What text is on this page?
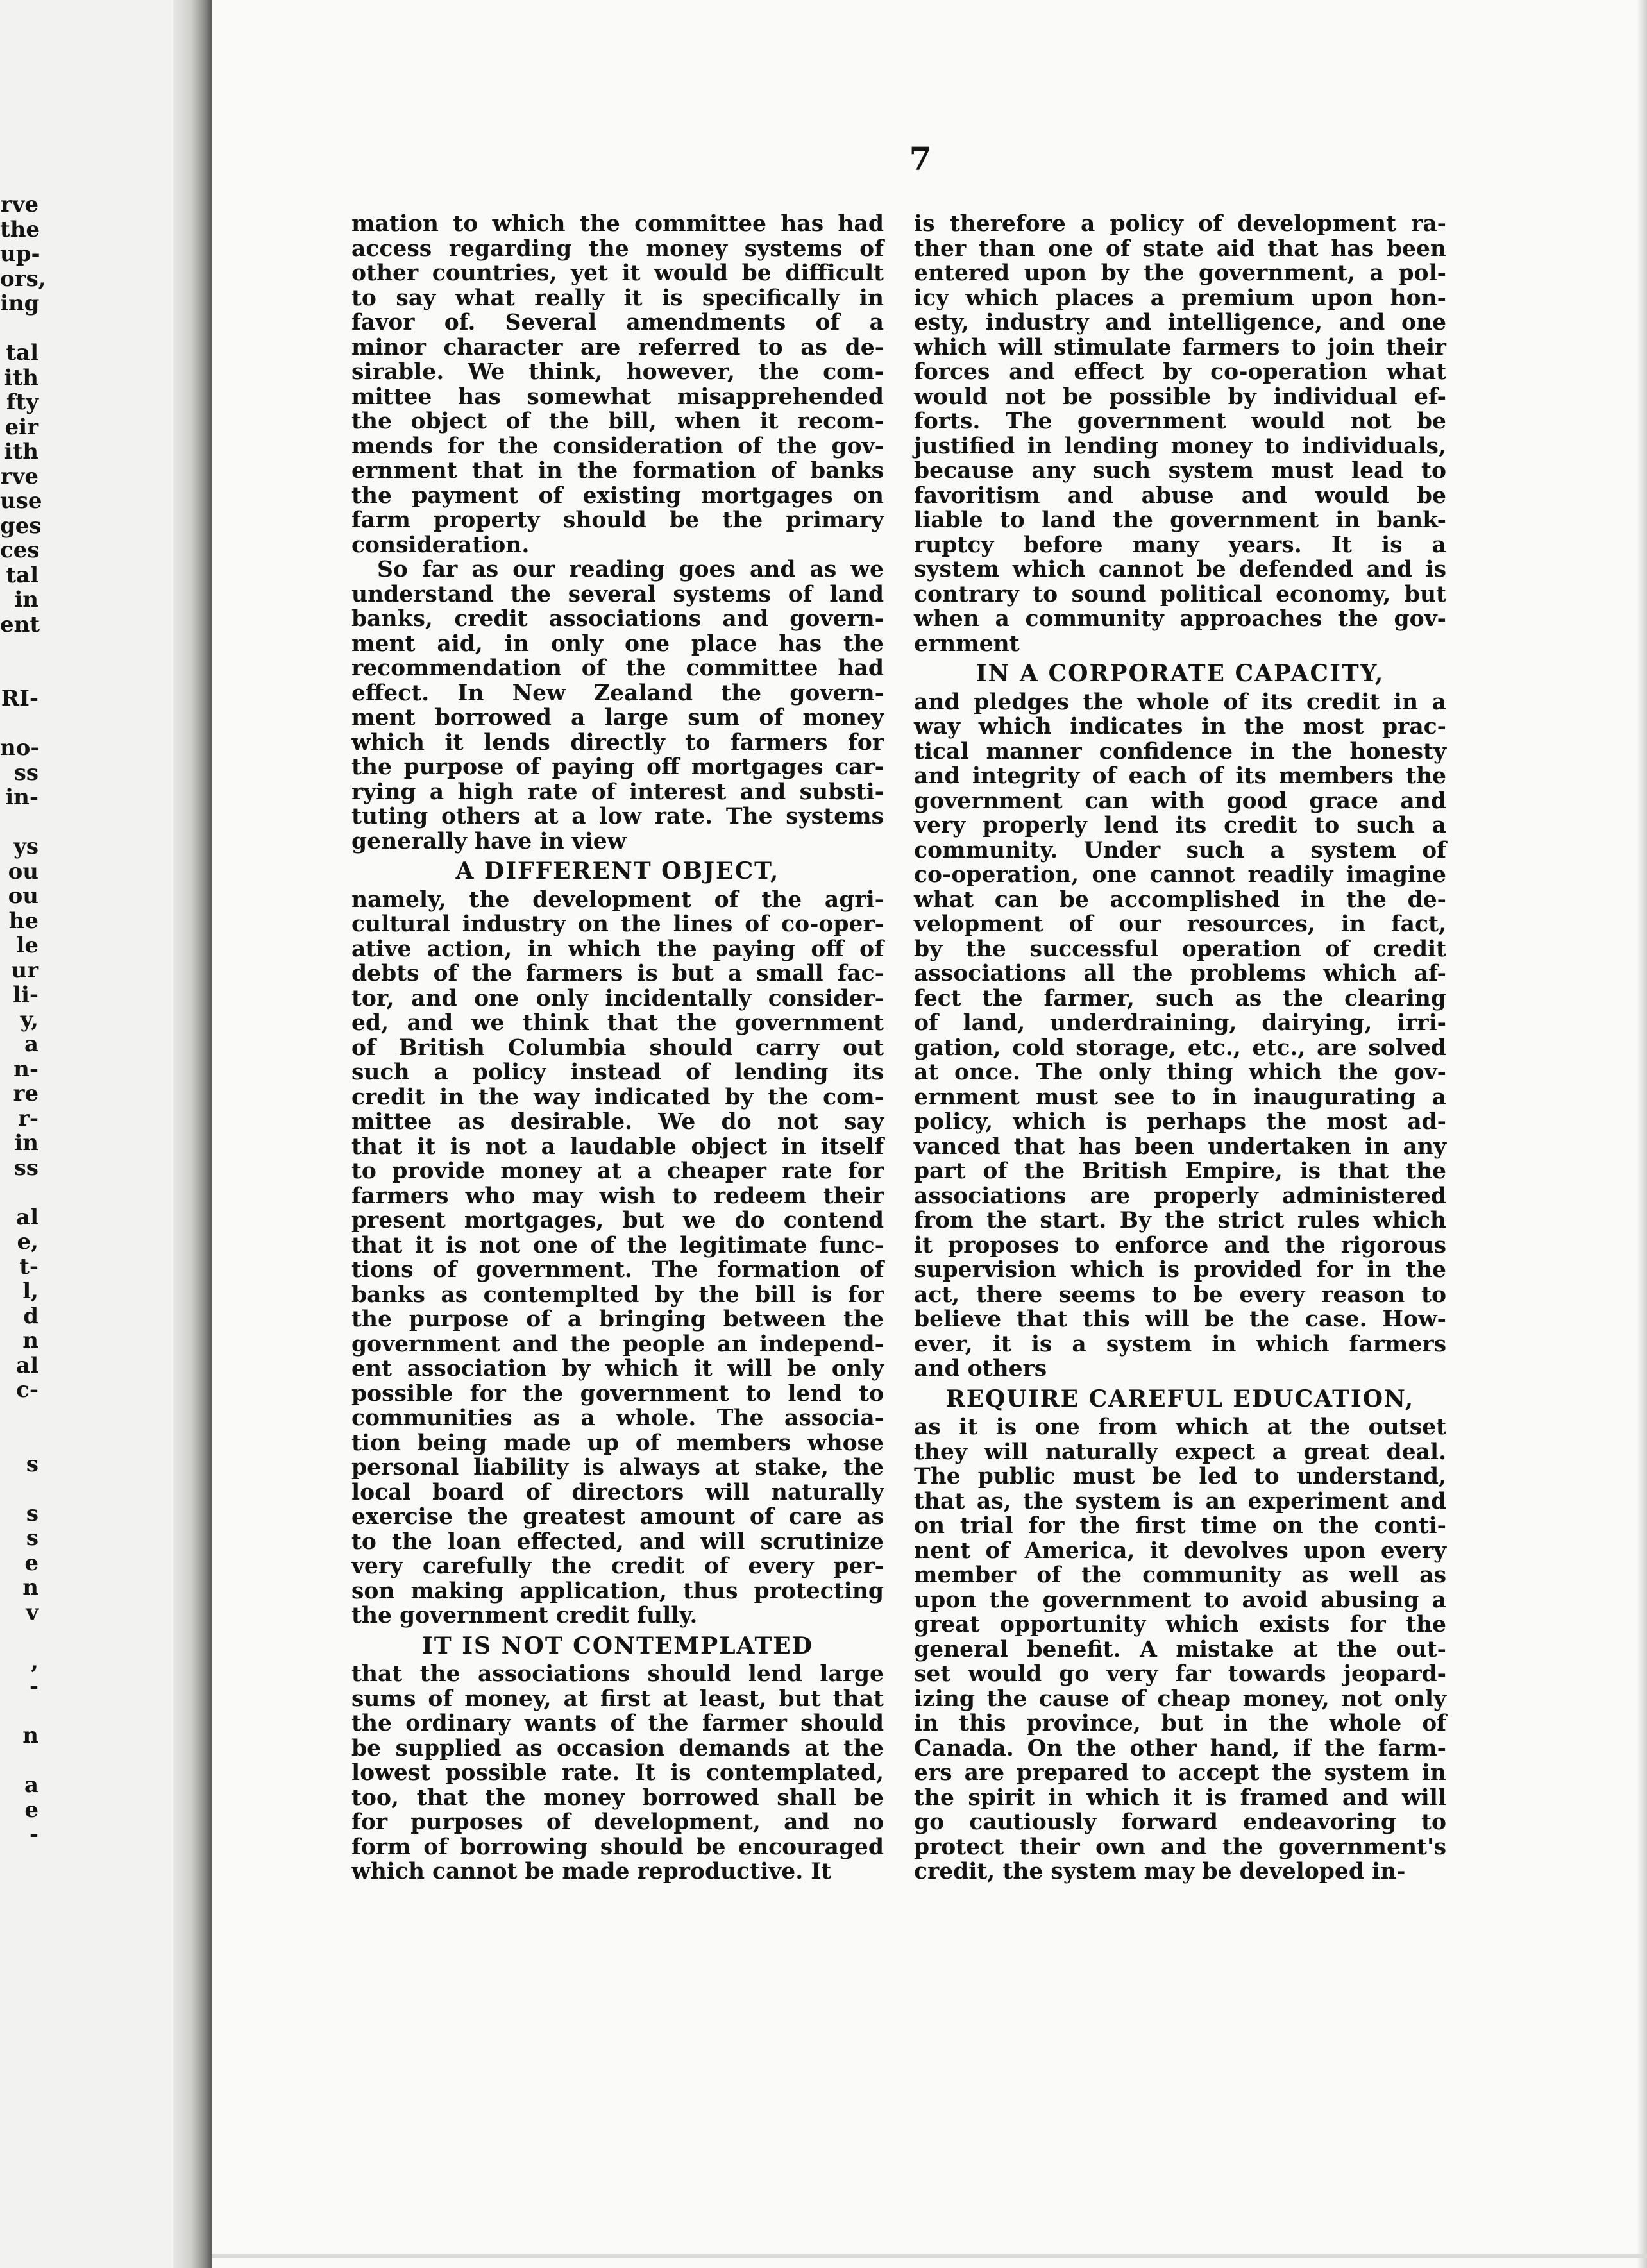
rve
the
up-
ors,
ing
tal
ith
fty
eir
ith
rve
use
ges
ces
tal
in
ent
RI-
no-
ss
in-
ys
ou
ou
he
le
ur
li-
y,
a
n-
re
r-
in
ss
al
e,
t-
l,
d
n
al
c-
s
s
s
e
n
v
,
-
n
a
e
-
7
mation to which the committee has had
access regarding the money systems of
other countries, yet it would be difficult
to say what really it is specifically in
favor of. Several amendments of a
minor character are referred to as de-
sirable. We think, however, the com-
mittee has somewhat misapprehended
the object of the bill, when it recom-
mends for the consideration of the gov-
ernment that in the formation of banks
the payment of existing mortgages on
farm property should be the primary
consideration.
So far as our reading goes and as we
understand the several systems of land
banks, credit associations and govern-
ment aid, in only one place has the
recommendation of the committee had
effect. In New Zealand the govern-
ment borrowed a large sum of money
which it lends directly to farmers for
the purpose of paying off mortgages car-
rying a high rate of interest and substi-
tuting others at a low rate. The systems
generally have in view
A DIFFERENT OBJECT,
namely, the development of the agri-
cultural industry on the lines of co-oper-
ative action, in which the paying off of
debts of the farmers is but a small fac-
tor, and one only incidentally consider-
ed, and we think that the government
of British Columbia should carry out
such a policy instead of lending its
credit in the way indicated by the com-
mittee as desirable. We do not say
that it is not a laudable object in itself
to provide money at a cheaper rate for
farmers who may wish to redeem their
present mortgages, but we do contend
that it is not one of the legitimate func-
tions of government. The formation of
banks as contemplted by the bill is for
the purpose of a bringing between the
government and the people an independ-
ent association by which it will be only
possible for the government to lend to
communities as a whole. The associa-
tion being made up of members whose
personal liability is always at stake, the
local board of directors will naturally
exercise the greatest amount of care as
to the loan effected, and will scrutinize
very carefully the credit of every per-
son making application, thus protecting
the government credit fully.
IT IS NOT CONTEMPLATED
that the associations should lend large
sums of money, at first at least, but that
the ordinary wants of the farmer should
be supplied as occasion demands at the
lowest possible rate. It is contemplated,
too, that the money borrowed shall be
for purposes of development, and no
form of borrowing should be encouraged
which cannot be made reproductive. It
is therefore a policy of development ra-
ther than one of state aid that has been
entered upon by the government, a pol-
icy which places a premium upon hon-
esty, industry and intelligence, and one
which will stimulate farmers to join their
forces and effect by co-operation what
would not be possible by individual ef-
forts. The government would not be
justified in lending money to individuals,
because any such system must lead to
favoritism and abuse and would be
liable to land the government in bank-
ruptcy before many years. It is a
system which cannot be defended and is
contrary to sound political economy, but
when a community approaches the gov-
ernment
IN A CORPORATE CAPACITY,
and pledges the whole of its credit in a
way which indicates in the most prac-
tical manner confidence in the honesty
and integrity of each of its members the
government can with good grace and
very properly lend its credit to such a
community. Under such a system of
co-operation, one cannot readily imagine
what can be accomplished in the de-
velopment of our resources, in fact,
by the successful operation of credit
associations all the problems which af-
fect the farmer, such as the clearing
of land, underdraining, dairying, irri-
gation, cold storage, etc., etc., are solved
at once. The only thing which the gov-
ernment must see to in inaugurating a
policy, which is perhaps the most ad-
vanced that has been undertaken in any
part of the British Empire, is that the
associations are properly administered
from the start. By the strict rules which
it proposes to enforce and the rigorous
supervision which is provided for in the
act, there seems to be every reason to
believe that this will be the case. How-
ever, it is a system in which farmers
and others
REQUIRE CAREFUL EDUCATION,
as it is one from which at the outset
they will naturally expect a great deal.
The public must be led to understand,
that as, the system is an experiment and
on trial for the first time on the conti-
nent of America, it devolves upon every
member of the community as well as
upon the government to avoid abusing a
great opportunity which exists for the
general benefit. A mistake at the out-
set would go very far towards jeopard-
izing the cause of cheap money, not only
in this province, but in the whole of
Canada. On the other hand, if the farm-
ers are prepared to accept the system in
the spirit in which it is framed and will
go cautiously forward endeavoring to
protect their own and the government's
credit, the system may be developed in-
